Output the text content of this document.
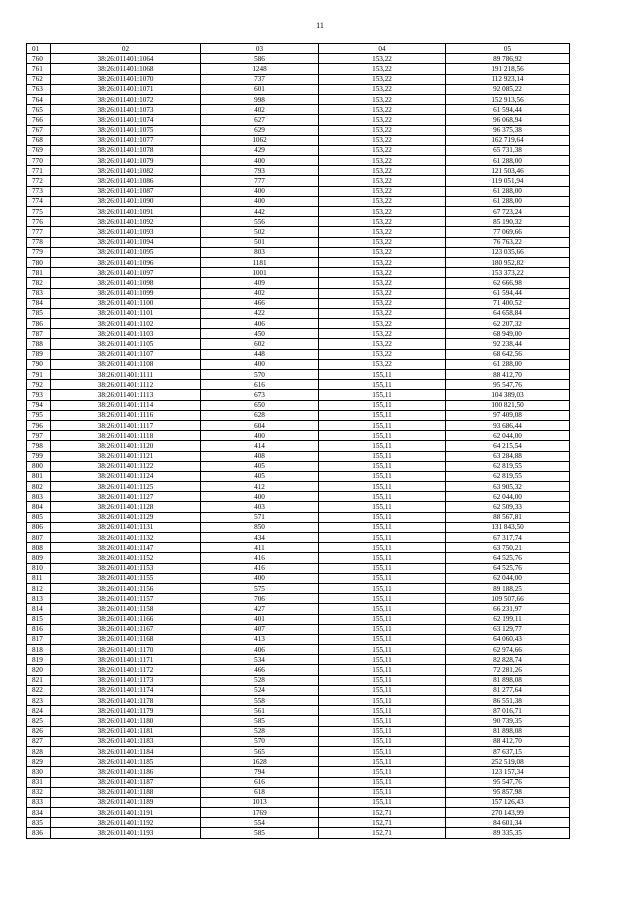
11
01	02	03	04	05
760	38:26:011401:1064	586	153,22	89 786,92
761	38:26:011401:1068	1248	153,22	191 218,56
762	38:26:011401:1070	737	153,22	112 923,14
763	38:26:011401:1071	601	153,22	92 085,22
764	38:26:011401:1072	998	153,22	152 913,56
765	38:26:011401:1073	402	153,22	61 594,44
766	38:26:011401:1074	627	153,22	96 068,94
767	38:26:011401:1075	629	153,22	96 375,38
768	38:26:011401:1077	1062	153,22	162 719,64
769	38:26:011401:1078	429	153,22	65 731,38
770	38:26:011401:1079	400	153,22	61 288,00
771	38:26:011401:1082	793	153,22	121 503,46
772	38:26:011401:1086	777	153,22	119 051,94
773	38:26:011401:1087	400	153,22	61 288,00
774	38:26:011401:1090	400	153,22	61 288,00
775	38:26:011401:1091	442	153,22	67 723,24
776	38:26:011401:1092	556	153,22	85 190,32
777	38:26:011401:1093	502	153,22	77 069,66
778	38:26:011401:1094	501	153,22	76 763,22
779	38:26:011401:1095	803	153,22	123 035,66
780	38:26:011401:1096	1181	153,22	180 952,82
781	38:26:011401:1097	1001	153,22	153 373,22
782	38:26:011401:1098	409	153,22	62 666,98
783	38:26:011401:1099	402	153,22	61 594,44
784	38:26:011401:1100	466	153,22	71 400,52
785	38:26:011401:1101	422	153,22	64 658,84
786	38:26:011401:1102	406	153,22	62 207,32
787	38:26:011401:1103	450	153,22	68 949,00
788	38:26:011401:1105	602	153,22	92 238,44
789	38:26:011401:1107	448	153,22	68 642,56
790	38:26:011401:1108	400	153,22	61 288,00
791	38:26:011401:1111	570	155,11	88 412,70
792	38:26:011401:1112	616	155,11	95 547,76
793	38:26:011401:1113	673	155,11	104 389,03
794	38:26:011401:1114	650	155,11	100 821,50
795	38:26:011401:1116	628	155,11	97 409,08
796	38:26:011401:1117	604	155,11	93 686,44
797	38:26:011401:1118	400	155,11	62 044,00
798	38:26:011401:1120	414	155,11	64 215,54
799	38:26:011401:1121	408	155,11	63 284,88
800	38:26:011401:1122	405	155,11	62 819,55
801	38:26:011401:1124	405	155,11	62 819,55
802	38:26:011401:1125	412	155,11	63 905,32
803	38:26:011401:1127	400	155,11	62 044,00
804	38:26:011401:1128	403	155,11	62 509,33
805	38:26:011401:1129	571	155,11	88 567,81
806	38:26:011401:1131	850	155,11	131 843,50
807	38:26:011401:1132	434	155,11	67 317,74
808	38:26:011401:1147	411	155,11	63 750,21
809	38:26:011401:1152	416	155,11	64 525,76
810	38:26:011401:1153	416	155,11	64 525,76
811	38:26:011401:1155	400	155,11	62 044,00
812	38:26:011401:1156	575	155,11	89 188,25
813	38:26:011401:1157	706	155,11	109 507,66
814	38:26:011401:1158	427	155,11	66 231,97
815	38:26:011401:1166	401	155,11	62 199,11
816	38:26:011401:1167	407	155,11	63 129,77
817	38:26:011401:1168	413	155,11	64 060,43
818	38:26:011401:1170	406	155,11	62 974,66
819	38:26:011401:1171	534	155,11	82 828,74
820	38:26:011401:1172	466	155,11	72 281,26
821	38:26:011401:1173	528	155,11	81 898,08
822	38:26:011401:1174	524	155,11	81 277,64
823	38:26:011401:1178	558	155,11	86 551,38
824	38:26:011401:1179	561	155,11	87 016,71
825	38:26:011401:1180	585	155,11	90 739,35
826	38:26:011401:1181	528	155,11	81 898,08
827	38:26:011401:1183	570	155,11	88 412,70
828	38:26:011401:1184	565	155,11	87 637,15
829	38:26:011401:1185	1628	155,11	252 519,08
830	38:26:011401:1186	794	155,11	123 157,34
831	38:26:011401:1187	616	155,11	95 547,76
832	38:26:011401:1188	618	155,11	95 857,98
833	38:26:011401:1189	1013	155,11	157 126,43
834	38:26:011401:1191	1769	152,71	270 143,99
835	38:26:011401:1192	554	152,71	84 601,34
836	38:26:011401:1193	585	152,71	89 335,35
